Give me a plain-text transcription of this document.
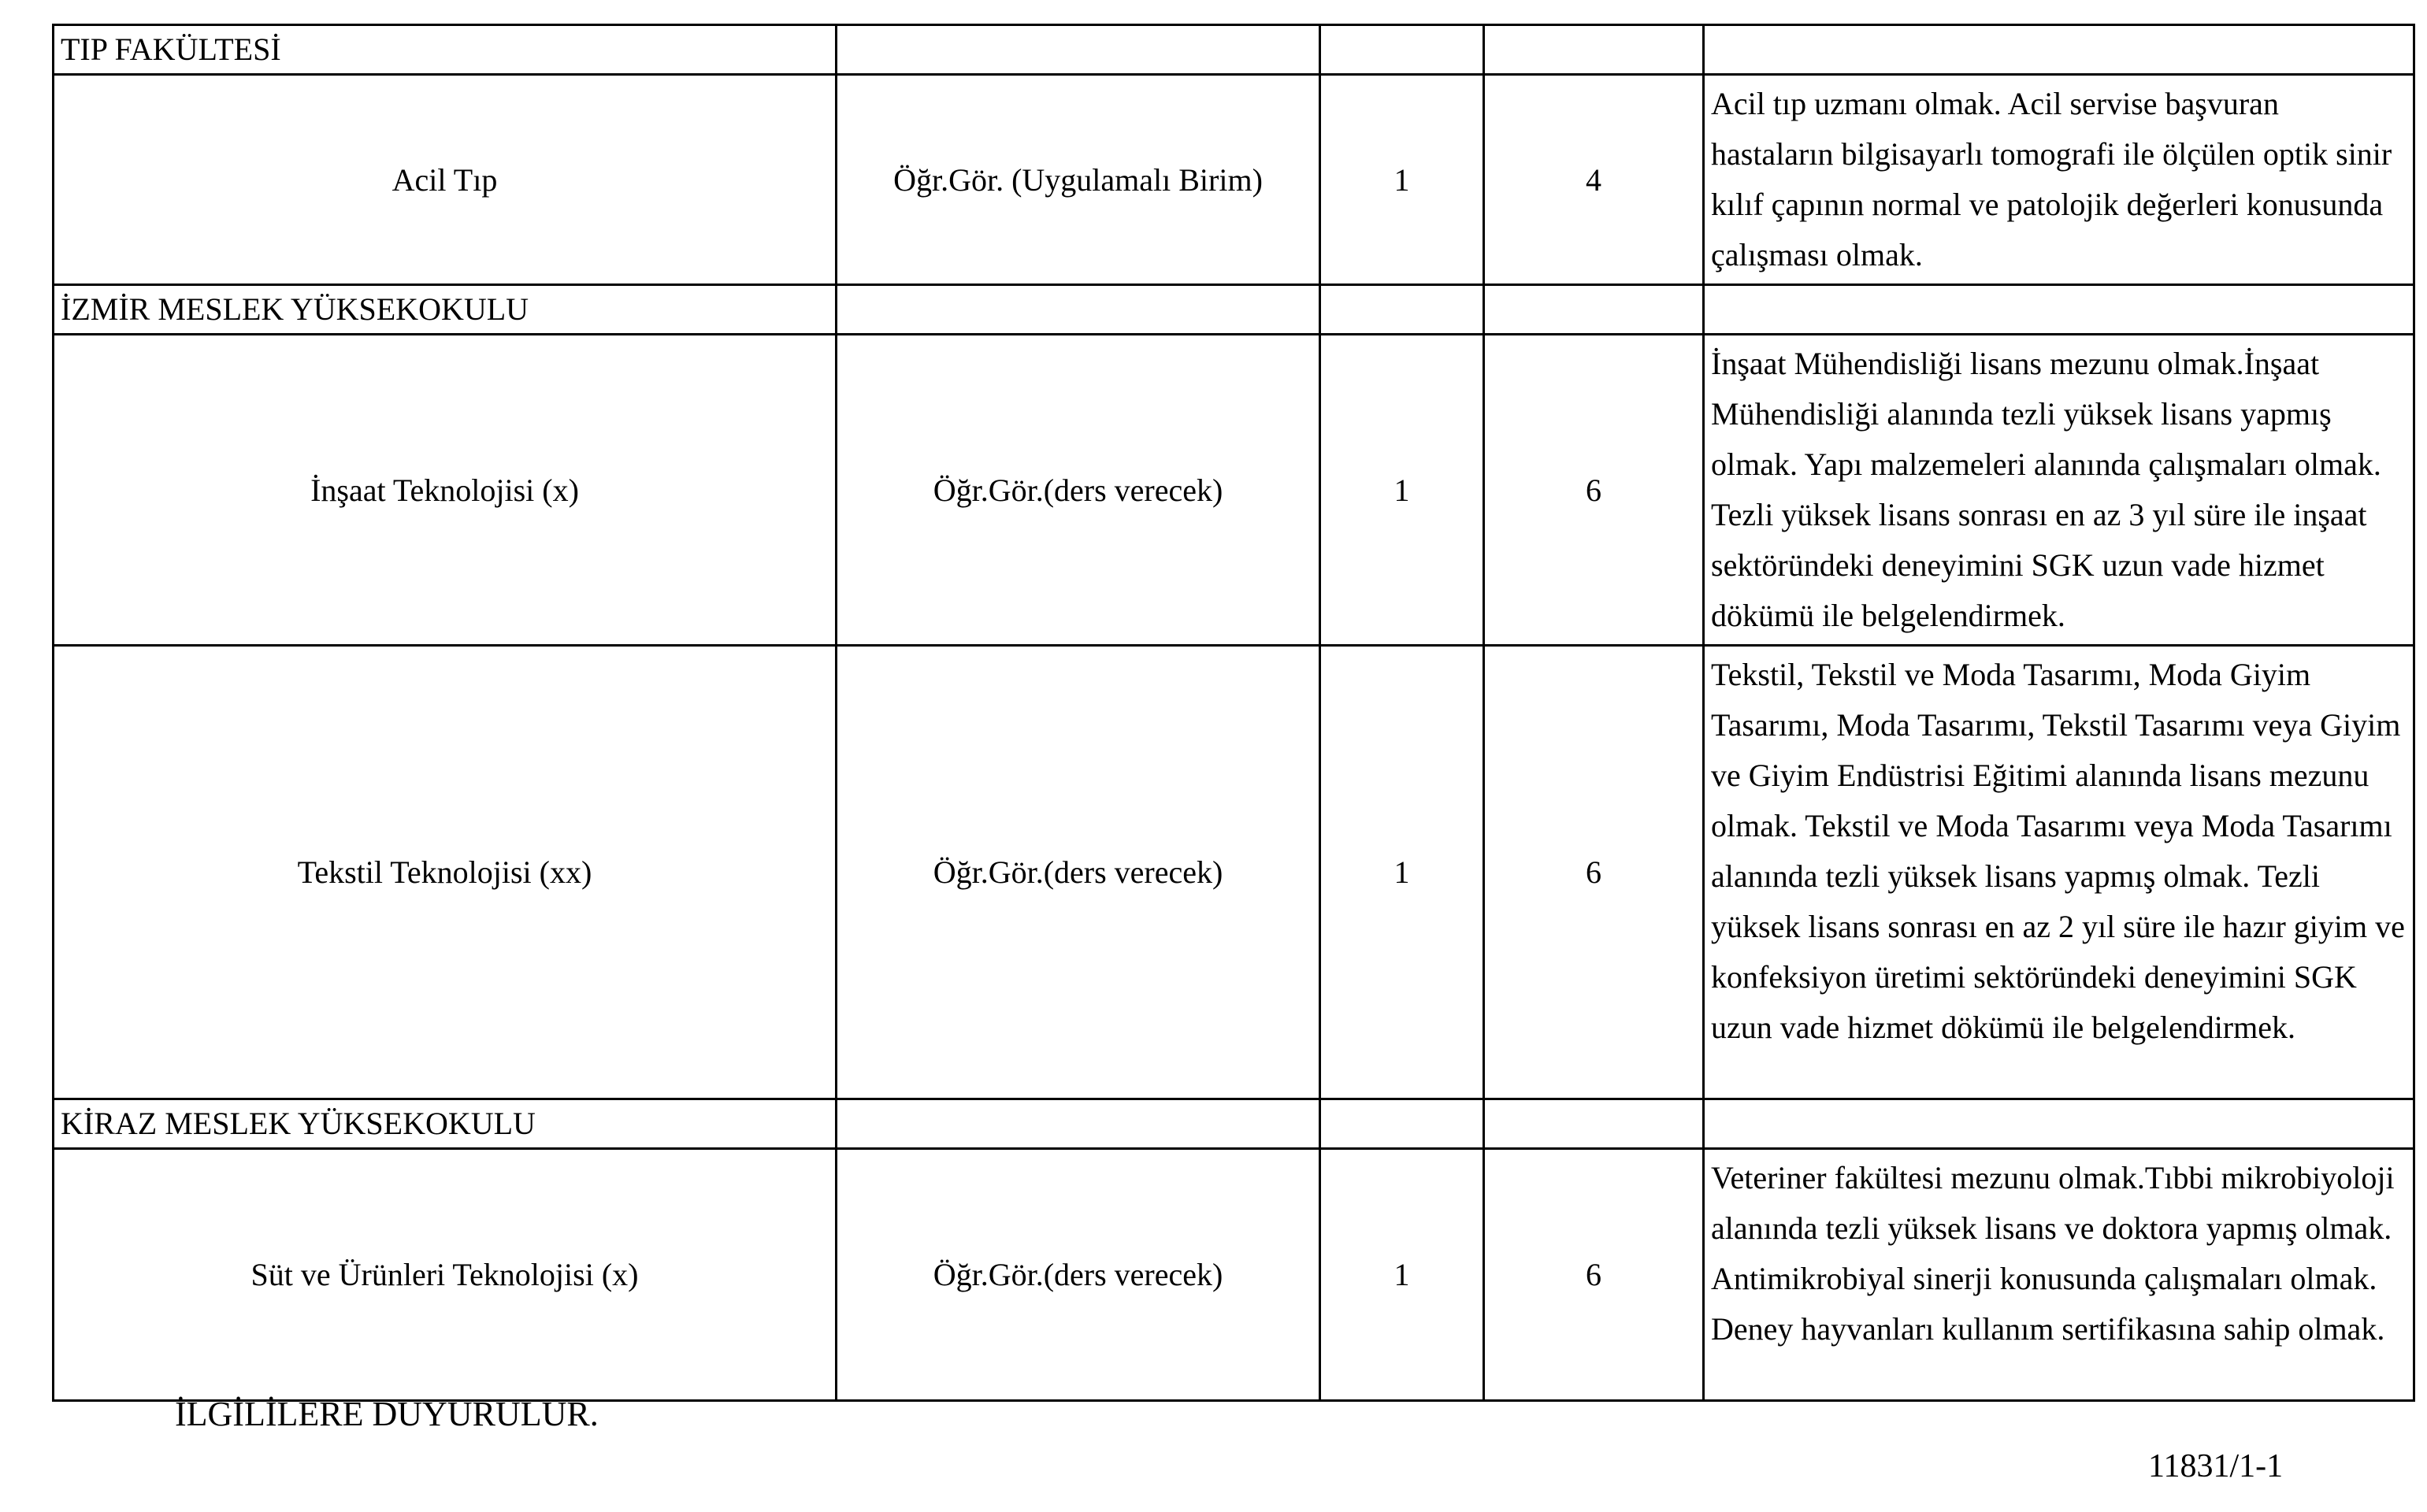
TIP FAKÜLTESİ				
Acil Tıp	Öğr.Gör. (Uygulamalı Birim)	1	4	Acil tıp uzmanı olmak. Acil servise başvuran hastaların bilgisayarlı tomografi ile ölçülen optik sinir kılıf çapının normal ve patolojik değerleri konusunda çalışması olmak.
İZMİR MESLEK YÜKSEKOKULU				
İnşaat Teknolojisi (x)	Öğr.Gör.(ders verecek)	1	6	İnşaat Mühendisliği lisans mezunu olmak.İnşaat Mühendisliği alanında tezli yüksek lisans yapmış olmak. Yapı malzemeleri alanında çalışmaları olmak. Tezli yüksek lisans sonrası en az 3 yıl süre ile inşaat sektöründeki deneyimini SGK uzun vade hizmet dökümü ile belgelendirmek.
Tekstil Teknolojisi (xx)	Öğr.Gör.(ders verecek)	1	6	Tekstil, Tekstil ve Moda Tasarımı, Moda Giyim Tasarımı, Moda Tasarımı, Tekstil Tasarımı veya Giyim ve Giyim Endüstrisi Eğitimi alanında lisans mezunu olmak. Tekstil ve Moda Tasarımı veya Moda Tasarımı alanında tezli yüksek lisans yapmış olmak. Tezli yüksek lisans sonrası en az 2 yıl süre ile hazır giyim ve konfeksiyon üretimi sektöründeki deneyimini SGK uzun vade hizmet dökümü ile belgelendirmek.
KİRAZ MESLEK YÜKSEKOKULU				
Süt ve Ürünleri Teknolojisi (x)	Öğr.Gör.(ders verecek)	1	6	Veteriner fakültesi mezunu olmak.Tıbbi mikrobiyoloji alanında tezli yüksek lisans ve doktora yapmış olmak. Antimikrobiyal sinerji konusunda çalışmaları olmak. Deney hayvanları kullanım sertifikasına sahip olmak.
İLGİLİLERE DUYURULUR.
11831/1-1
